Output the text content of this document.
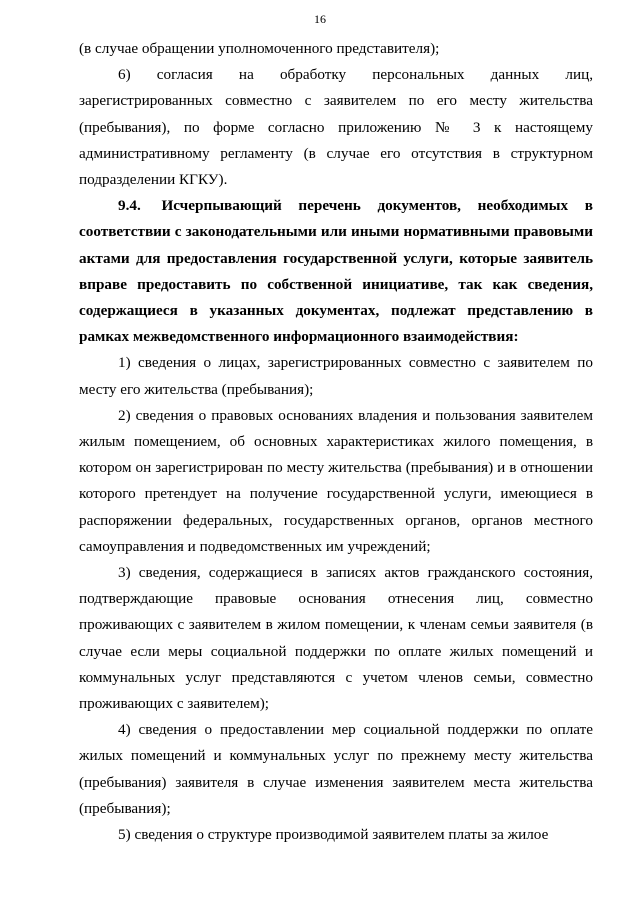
16

(в случае обращении уполномоченного представителя);

6) согласия на обработку персональных данных лиц, зарегистрированных совместно с заявителем по его месту жительства (пребывания), по форме согласно приложению № 3 к настоящему административному регламенту (в случае его отсутствия в структурном подразделении КГКУ).

9.4. Исчерпывающий перечень документов, необходимых в соответствии с законодательными или иными нормативными правовыми актами для предоставления государственной услуги, которые заявитель вправе предоставить по собственной инициативе, так как сведения, содержащиеся в указанных документах, подлежат представлению в рамках межведомственного информационного взаимодействия:

1) сведения о лицах, зарегистрированных совместно с заявителем по месту его жительства (пребывания);

2) сведения о правовых основаниях владения и пользования заявителем жилым помещением, об основных характеристиках жилого помещения, в котором он зарегистрирован по месту жительства (пребывания) и в отношении которого претендует на получение государственной услуги, имеющиеся в распоряжении федеральных, государственных органов, органов местного самоуправления и подведомственных им учреждений;

3) сведения, содержащиеся в записях актов гражданского состояния, подтверждающие правовые основания отнесения лиц, совместно проживающих с заявителем в жилом помещении, к членам семьи заявителя (в случае если меры социальной поддержки по оплате жилых помещений и коммунальных услуг представляются с учетом членов семьи, совместно проживающих с заявителем);

4) сведения о предоставлении мер социальной поддержки по оплате жилых помещений и коммунальных услуг по прежнему месту жительства (пребывания) заявителя в случае изменения заявителем места жительства (пребывания);

5) сведения о структуре производимой заявителем платы за жилое
